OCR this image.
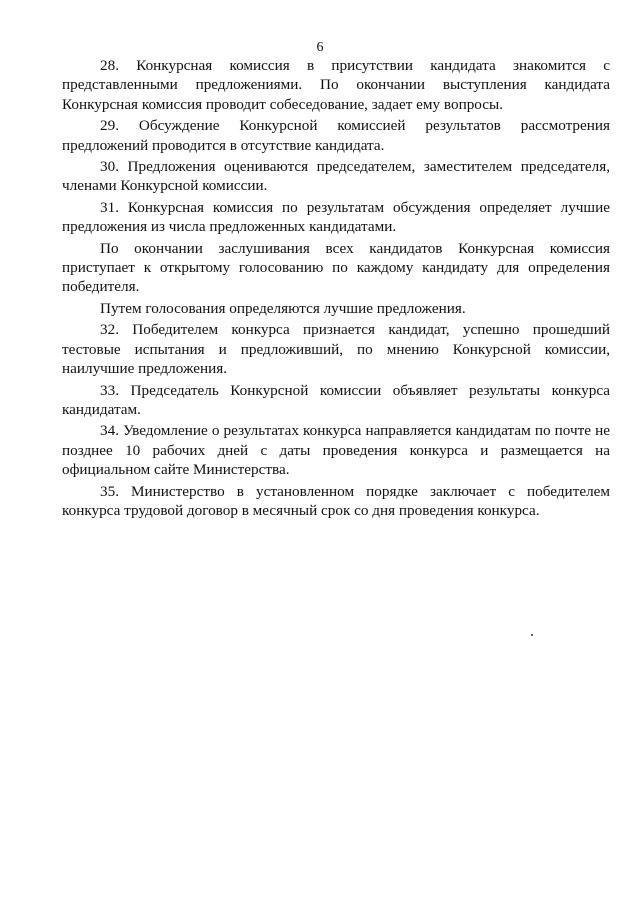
6

28. Конкурсная комиссия в присутствии кандидата знакомится с представленными предложениями. По окончании выступления кандидата Конкурсная комиссия проводит собеседование, задает ему вопросы.

29. Обсуждение Конкурсной комиссией результатов рассмотрения предложений проводится в отсутствие кандидата.

30. Предложения оцениваются председателем, заместителем председателя, членами Конкурсной комиссии.

31. Конкурсная комиссия по результатам обсуждения определяет лучшие предложения из числа предложенных кандидатами.

По окончании заслушивания всех кандидатов Конкурсная комиссия приступает к открытому голосованию по каждому кандидату для определения победителя.

Путем голосования определяются лучшие предложения.

32. Победителем конкурса признается кандидат, успешно прошедший тестовые испытания и предложивший, по мнению Конкурсной комиссии, наилучшие предложения.

33. Председатель Конкурсной комиссии объявляет результаты конкурса кандидатам.

34. Уведомление о результатах конкурса направляется кандидатам по почте не позднее 10 рабочих дней с даты проведения конкурса и размещается на официальном сайте Министерства.

35. Министерство в установленном порядке заключает с победителем конкурса трудовой договор в месячный срок со дня проведения конкурса.
